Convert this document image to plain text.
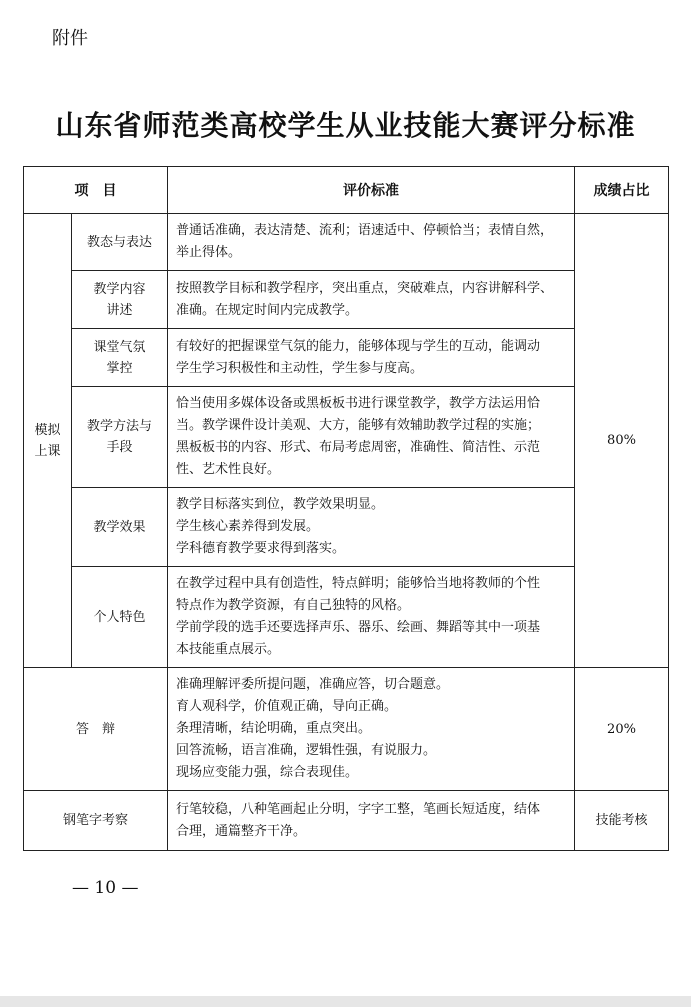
附件
山东省师范类高校学生从业技能大赛评分标准
项　目		评价标准	成绩占比

模拟
上课	教态与表达	普通话准确，表达清楚、流利；语速适中、停顿恰当；表情自然，
举止得体。	80%

	教学内容
讲述	按照教学目标和教学程序，突出重点，突破难点，内容讲解科学、
准确。在规定时间内完成教学。	

	课堂气氛
掌控	有较好的把握课堂气氛的能力，能够体现与学生的互动，能调动
学生学习积极性和主动性，学生参与度高。	

	教学方法与
手段	恰当使用多媒体设备或黑板板书进行课堂教学，教学方法运用恰
当。教学课件设计美观、大方，能够有效辅助教学过程的实施；
黑板板书的内容、形式、布局考虑周密，准确性、简洁性、示范
性、艺术性良好。	

	教学效果	教学目标落实到位，教学效果明显。
学生核心素养得到发展。
学科德育教学要求得到落实。	

	个人特色	在教学过程中具有创造性，特点鲜明；能够恰当地将教师的个性
特点作为教学资源，有自己独特的风格。
学前学段的选手还要选择声乐、器乐、绘画、舞蹈等其中一项基
本技能重点展示。	

答　辩		准确理解评委所提问题，准确应答，切合题意。
育人观科学，价值观正确，导向正确。
条理清晰，结论明确，重点突出。
回答流畅，语言准确，逻辑性强，有说服力。
现场应变能力强，综合表现佳。	20%
钢笔字考察		行笔较稳，八种笔画起止分明，字字工整，笔画长短适度，结体
合理，通篇整齐干净。	技能考核
— 10 —
